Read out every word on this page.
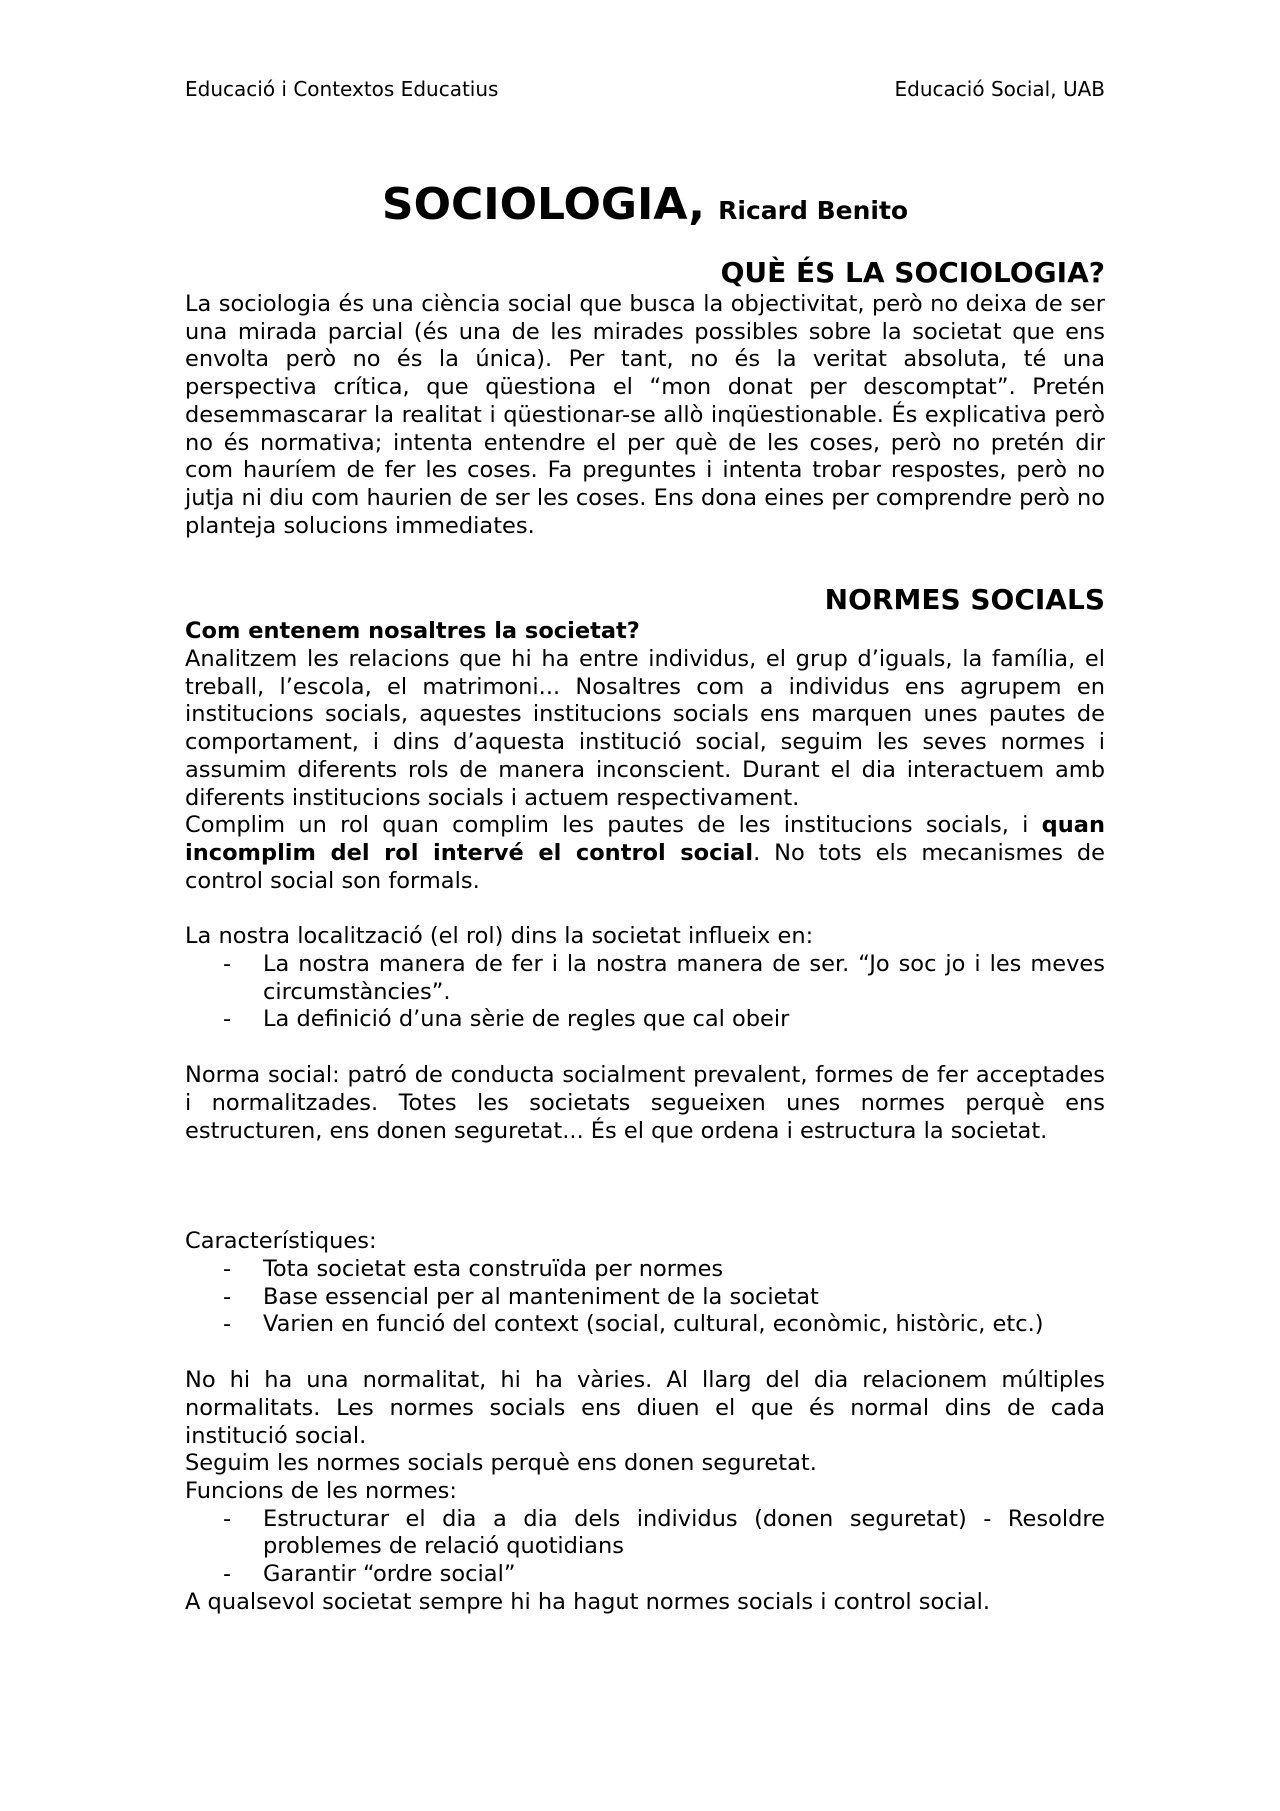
Educació i Contextos Educatius	Educació Social, UAB
SOCIOLOGIA, Ricard Benito
QUÈ ÉS LA SOCIOLOGIA?

La sociologia és una ciència social que busca la objectivitat, però no deixa de ser una mirada parcial (és una de les mirades possibles sobre la societat que ens envolta però no és la única). Per tant, no és la veritat absoluta, té una perspectiva crítica, que qüestiona el “mon donat per descomptat”. Pretén desemmascarar la realitat i qüestionar-se allò inqüestionable. És explicativa però no és normativa; intenta entendre el per què de les coses, però no pretén dir com hauríem de fer les coses. Fa preguntes i intenta trobar respostes, però no jutja ni diu com haurien de ser les coses. Ens dona eines per comprendre però no planteja solucions immediates.

NORMES SOCIALS
Com entenem nosaltres la societat?

Analitzem les relacions que hi ha entre individus, el grup d’iguals, la família, el treball, l’escola, el matrimoni... Nosaltres com a individus ens agrupem en institucions socials, aquestes institucions socials ens marquen unes pautes de comportament, i dins d’aquesta institució social, seguim les seves normes i assumim diferents rols de manera inconscient. Durant el dia interactuem amb diferents institucions socials i actuem respectivament.

Complim un rol quan complim les pautes de les institucions socials, i quan incomplim del rol intervé el control social. No tots els mecanismes de control social son formals.

La nostra localització (el rol) dins la societat influeix en:

- La nostra manera de fer i la nostra manera de ser. “Jo soc jo i les meves circumstàncies”.
- La definició d’una sèrie de regles que cal obeir

Norma social: patró de conducta socialment prevalent, formes de fer acceptades i normalitzades. Totes les societats segueixen unes normes perquè ens estructuren, ens donen seguretat... És el que ordena i estructura la societat.

Característiques:

- Tota societat esta construïda per normes
- Base essencial per al manteniment de la societat
- Varien en funció del context (social, cultural, econòmic, històric, etc.)

No hi ha una normalitat, hi ha vàries. Al llarg del dia relacionem múltiples normalitats. Les normes socials ens diuen el que és normal dins de cada institució social.

Seguim les normes socials perquè ens donen seguretat.

Funcions de les normes:

- Estructurar el dia a dia dels individus (donen seguretat) - Resoldre problemes de relació quotidians
- Garantir “ordre social”

A qualsevol societat sempre hi ha hagut normes socials i control social.
